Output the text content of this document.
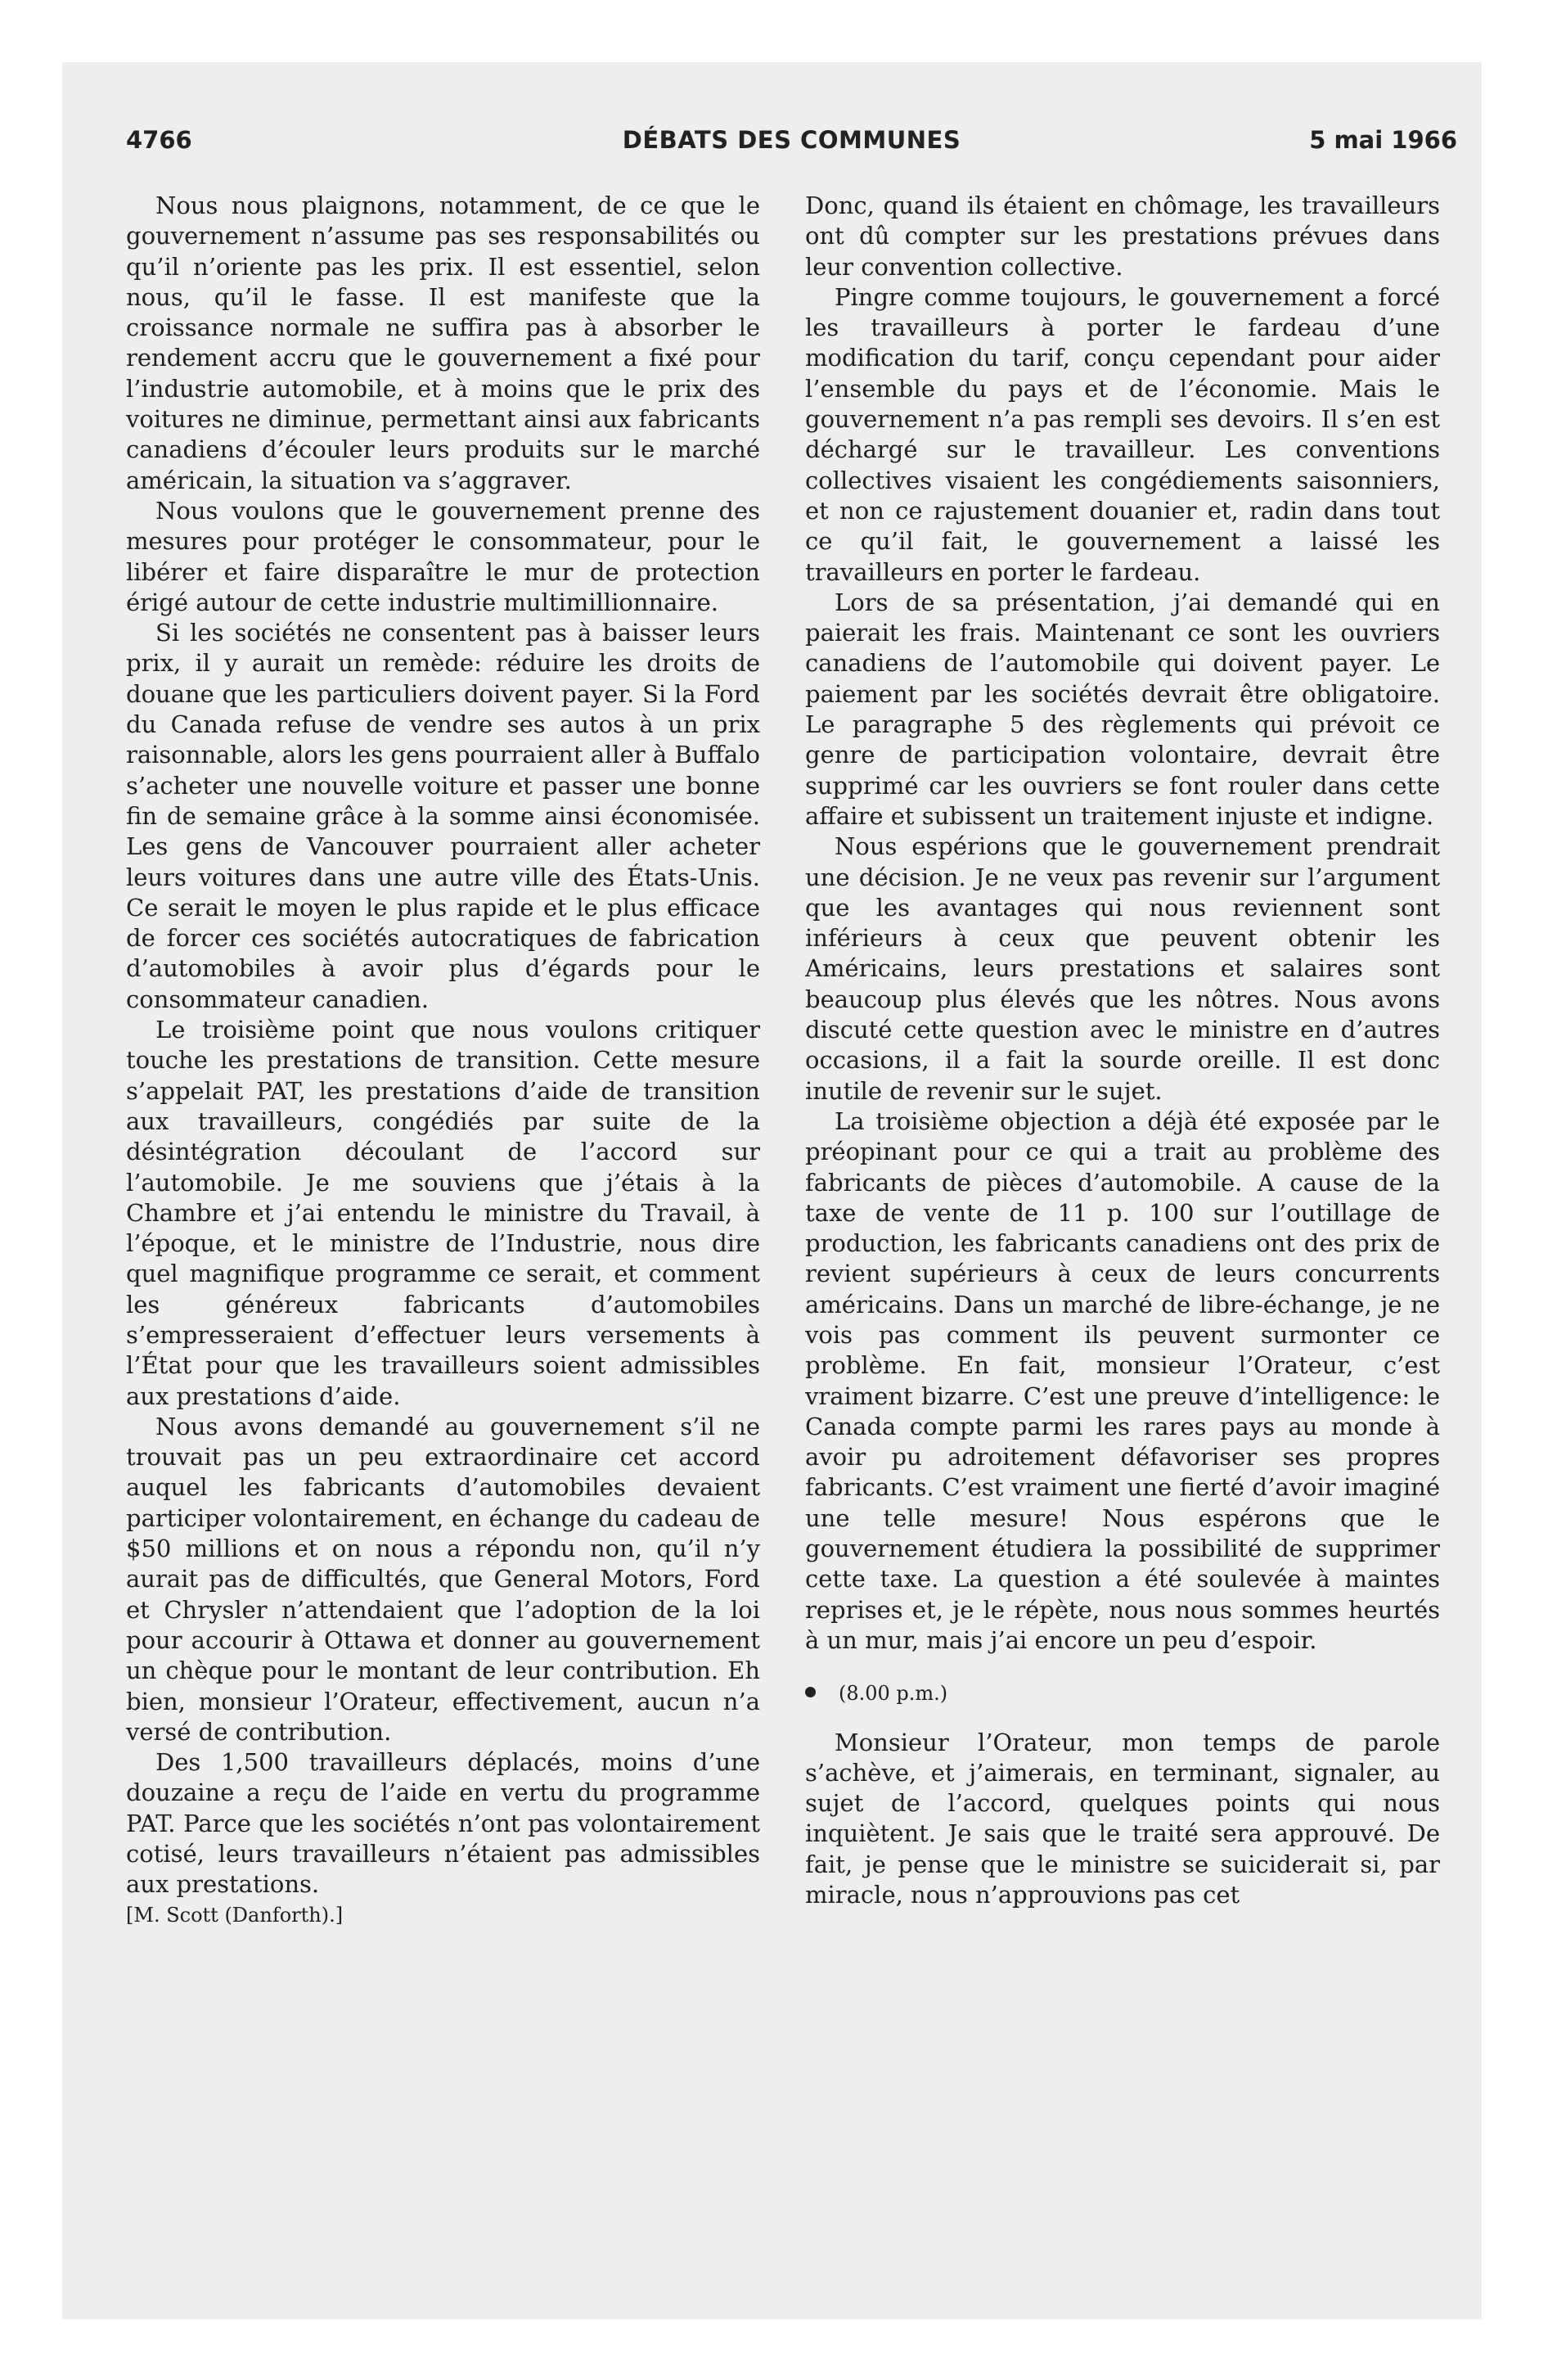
4766	DÉBATS DES COMMUNES	5 mai 1966

Nous nous plaignons, notamment, de ce que le gouvernement n’assume pas ses responsabilités ou qu’il n’oriente pas les prix. Il est essentiel, selon nous, qu’il le fasse. Il est manifeste que la croissance normale ne suffira pas à absorber le rendement accru que le gouvernement a fixé pour l’industrie automobile, et à moins que le prix des voitures ne diminue, permettant ainsi aux fabricants canadiens d’écouler leurs produits sur le marché américain, la situation va s’aggraver.

Nous voulons que le gouvernement prenne des mesures pour protéger le consommateur, pour le libérer et faire disparaître le mur de protection érigé autour de cette industrie multimillionnaire.

Si les sociétés ne consentent pas à baisser leurs prix, il y aurait un remède: réduire les droits de douane que les particuliers doivent payer. Si la Ford du Canada refuse de vendre ses autos à un prix raisonnable, alors les gens pourraient aller à Buffalo s’acheter une nouvelle voiture et passer une bonne fin de semaine grâce à la somme ainsi économisée. Les gens de Vancouver pourraient aller acheter leurs voitures dans une autre ville des États-Unis. Ce serait le moyen le plus rapide et le plus efficace de forcer ces sociétés autocratiques de fabrication d’automobiles à avoir plus d’égards pour le consommateur canadien.

Le troisième point que nous voulons critiquer touche les prestations de transition. Cette mesure s’appelait PAT, les prestations d’aide de transition aux travailleurs, congédiés par suite de la désintégration découlant de l’accord sur l’automobile. Je me souviens que j’étais à la Chambre et j’ai entendu le ministre du Travail, à l’époque, et le ministre de l’Industrie, nous dire quel magnifique programme ce serait, et comment les généreux fabricants d’automobiles s’empresseraient d’effectuer leurs versements à l’État pour que les travailleurs soient admissibles aux prestations d’aide.

Nous avons demandé au gouvernement s’il ne trouvait pas un peu extraordinaire cet accord auquel les fabricants d’automobiles devaient participer volontairement, en échange du cadeau de $50 millions et on nous a répondu non, qu’il n’y aurait pas de difficultés, que General Motors, Ford et Chrysler n’attendaient que l’adoption de la loi pour accourir à Ottawa et donner au gouvernement un chèque pour le montant de leur contribution. Eh bien, monsieur l’Orateur, effectivement, aucun n’a versé de contribution.

Des 1,500 travailleurs déplacés, moins d’une douzaine a reçu de l’aide en vertu du programme PAT. Parce que les sociétés n’ont pas volontairement cotisé, leurs travailleurs n’étaient pas admissibles aux prestations.

[M. Scott (Danforth).]

Donc, quand ils étaient en chômage, les travailleurs ont dû compter sur les prestations prévues dans leur convention collective.

Pingre comme toujours, le gouvernement a forcé les travailleurs à porter le fardeau d’une modification du tarif, conçu cependant pour aider l’ensemble du pays et de l’économie. Mais le gouvernement n’a pas rempli ses devoirs. Il s’en est déchargé sur le travailleur. Les conventions collectives visaient les congédiements saisonniers, et non ce rajustement douanier et, radin dans tout ce qu’il fait, le gouvernement a laissé les travailleurs en porter le fardeau.

Lors de sa présentation, j’ai demandé qui en paierait les frais. Maintenant ce sont les ouvriers canadiens de l’automobile qui doivent payer. Le paiement par les sociétés devrait être obligatoire. Le paragraphe 5 des règlements qui prévoit ce genre de participation volontaire, devrait être supprimé car les ouvriers se font rouler dans cette affaire et subissent un traitement injuste et indigne.

Nous espérions que le gouvernement prendrait une décision. Je ne veux pas revenir sur l’argument que les avantages qui nous reviennent sont inférieurs à ceux que peuvent obtenir les Américains, leurs prestations et salaires sont beaucoup plus élevés que les nôtres. Nous avons discuté cette question avec le ministre en d’autres occasions, il a fait la sourde oreille. Il est donc inutile de revenir sur le sujet.

La troisième objection a déjà été exposée par le préopinant pour ce qui a trait au problème des fabricants de pièces d’automobile. A cause de la taxe de vente de 11 p. 100 sur l’outillage de production, les fabricants canadiens ont des prix de revient supérieurs à ceux de leurs concurrents américains. Dans un marché de libre-échange, je ne vois pas comment ils peuvent surmonter ce problème. En fait, monsieur l’Orateur, c’est vraiment bizarre. C’est une preuve d’intelligence: le Canada compte parmi les rares pays au monde à avoir pu adroitement défavoriser ses propres fabricants. C’est vraiment une fierté d’avoir imaginé une telle mesure! Nous espérons que le gouvernement étudiera la possibilité de supprimer cette taxe. La question a été soulevée à maintes reprises et, je le répète, nous nous sommes heurtés à un mur, mais j’ai encore un peu d’espoir.

(8.00 p.m.)

Monsieur l’Orateur, mon temps de parole s’achève, et j’aimerais, en terminant, signaler, au sujet de l’accord, quelques points qui nous inquiètent. Je sais que le traité sera approuvé. De fait, je pense que le ministre se suiciderait si, par miracle, nous n’approuvions pas cet
